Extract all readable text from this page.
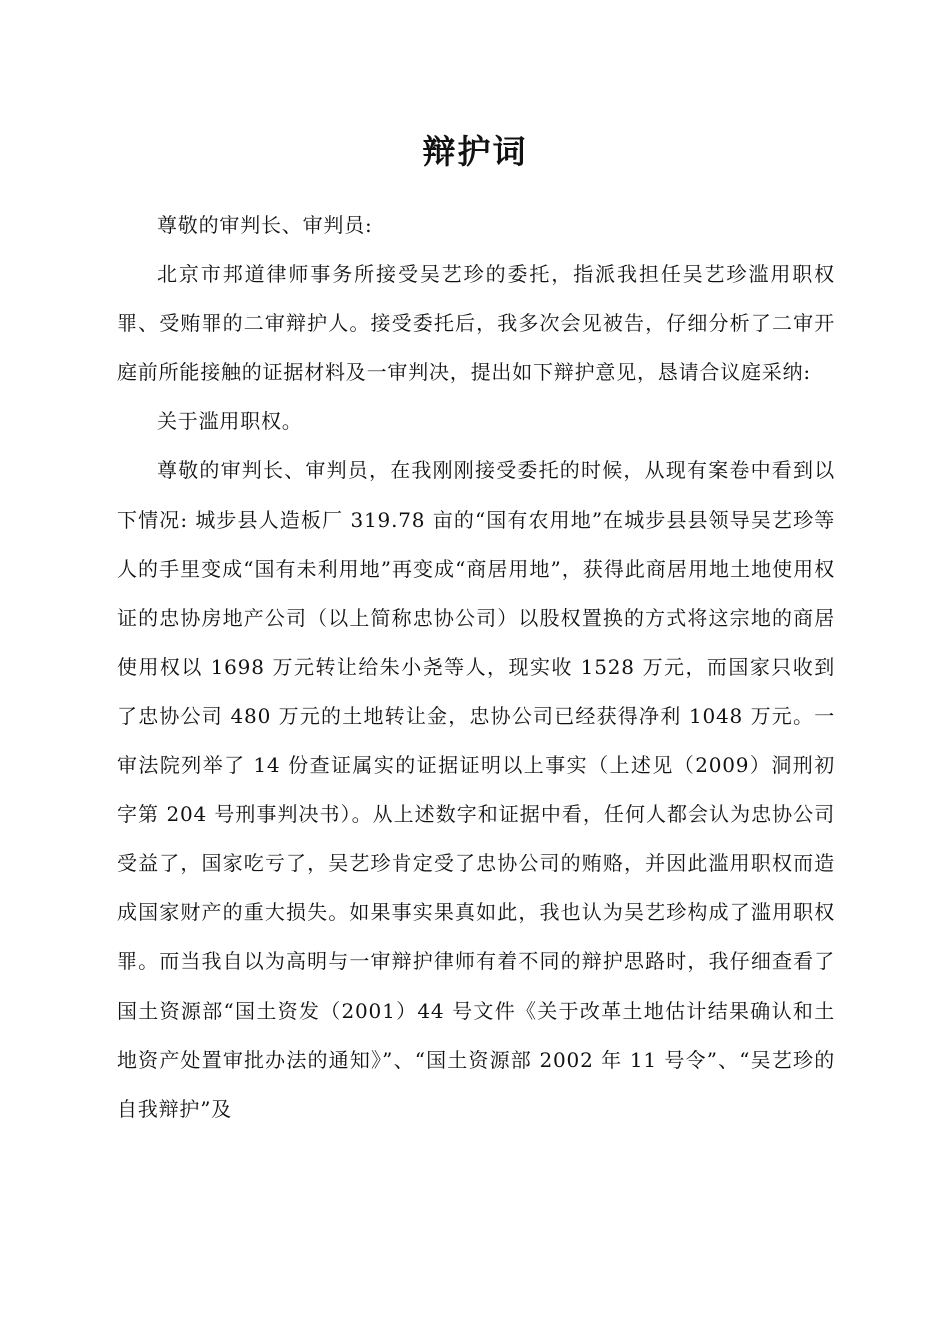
辩护词

尊敬的审判长、审判员:

北京市邦道律师事务所接受吴艺珍的委托，指派我担任吴艺珍滥用职权罪、受贿罪的二审辩护人。接受委托后，我多次会见被告，仔细分析了二审开庭前所能接触的证据材料及一审判决，提出如下辩护意见，恳请合议庭采纳:

关于滥用职权。

尊敬的审判长、审判员，在我刚刚接受委托的时候，从现有案卷中看到以下情况: 城步县人造板厂 319.78 亩的“国有农用地”在城步县县领导吴艺珍等人的手里变成“国有未利用地”再变成“商居用地”，获得此商居用地土地使用权证的忠协房地产公司（以上简称忠协公司）以股权置换的方式将这宗地的商居使用权以 1698 万元转让给朱小尧等人，现实收 1528 万元，而国家只收到了忠协公司 480 万元的土地转让金，忠协公司已经获得净利 1048 万元。一审法院列举了 14 份查证属实的证据证明以上事实（上述见（2009）洞刑初字第 204 号刑事判决书）。从上述数字和证据中看，任何人都会认为忠协公司受益了，国家吃亏了，吴艺珍肯定受了忠协公司的贿赂，并因此滥用职权而造成国家财产的重大损失。如果事实果真如此，我也认为吴艺珍构成了滥用职权罪。而当我自以为高明与一审辩护律师有着不同的辩护思路时，我仔细查看了国土资源部“国土资发（2001）44 号文件《关于改革土地估计结果确认和土地资产处置审批办法的通知》”、“国土资源部 2002 年 11 号令”、“吴艺珍的自我辩护”及
